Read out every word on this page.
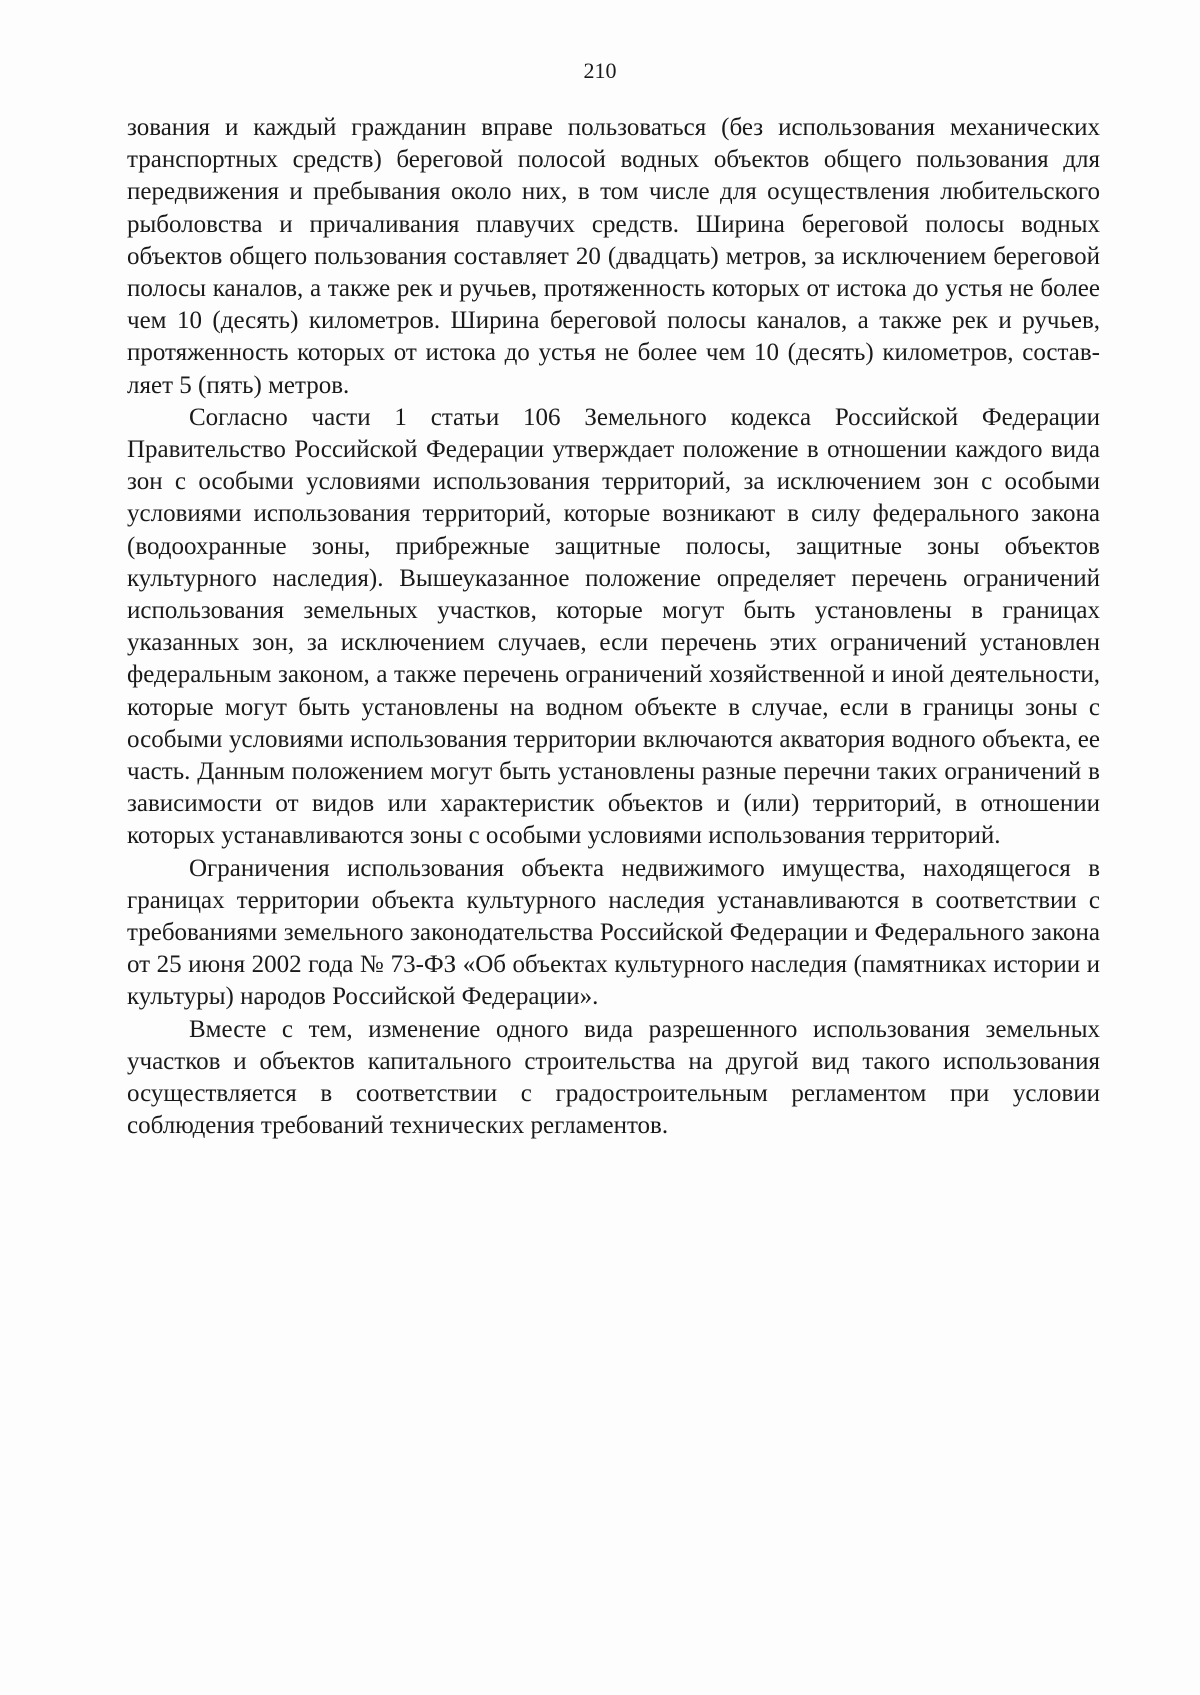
210

зования и каждый гражданин вправе пользоваться (без использования механических транспортных средств) береговой полосой водных объектов общего пользования для передвижения и пребывания около них, в том числе для осуществления любительского рыболовства и причаливания плавучих средств. Ширина береговой полосы водных объектов общего пользования составляет 20 (двадцать) метров, за исключением береговой полосы каналов, а также рек и ручьев, протяженность которых от истока до устья не более чем 10 (десять) километров. Ширина береговой полосы каналов, а также рек и ручьев, протяженность которых от истока до устья не более чем 10 (десять) километров, составляет 5 (пять) метров.

Согласно части 1 статьи 106 Земельного кодекса Российской Федерации Правительство Российской Федерации утверждает положение в отношении каждого вида зон с особыми условиями использования территорий, за исключением зон с особыми условиями использования территорий, которые возникают в силу федерального закона (водоохранные зоны, прибрежные защитные полосы, защитные зоны объектов культурного наследия). Вышеуказанное положение определяет перечень ограничений использования земельных участков, которые могут быть установлены в границах указанных зон, за исключением случаев, если перечень этих ограничений установлен федеральным законом, а также перечень ограничений хозяйственной и иной деятельности, которые могут быть установлены на водном объекте в случае, если в границы зоны с особыми условиями использования территории включаются акватория водного объекта, ее часть. Данным положением могут быть установлены разные перечни таких ограничений в зависимости от видов или характеристик объектов и (или) территорий, в отношении которых устанавливаются зоны с особыми условиями использования территорий.

Ограничения использования объекта недвижимого имущества, находящегося в границах территории объекта культурного наследия устанавливаются в соответствии с требованиями земельного законодательства Российской Федерации и Федерального закона от 25 июня 2002 года № 73-ФЗ «Об объектах культурного наследия (памятниках истории и культуры) народов Российской Федерации».

Вместе с тем, изменение одного вида разрешенного использования земельных участков и объектов капитального строительства на другой вид такого использования осуществляется в соответствии с градостроительным регламентом при условии соблюдения требований технических регламентов.
